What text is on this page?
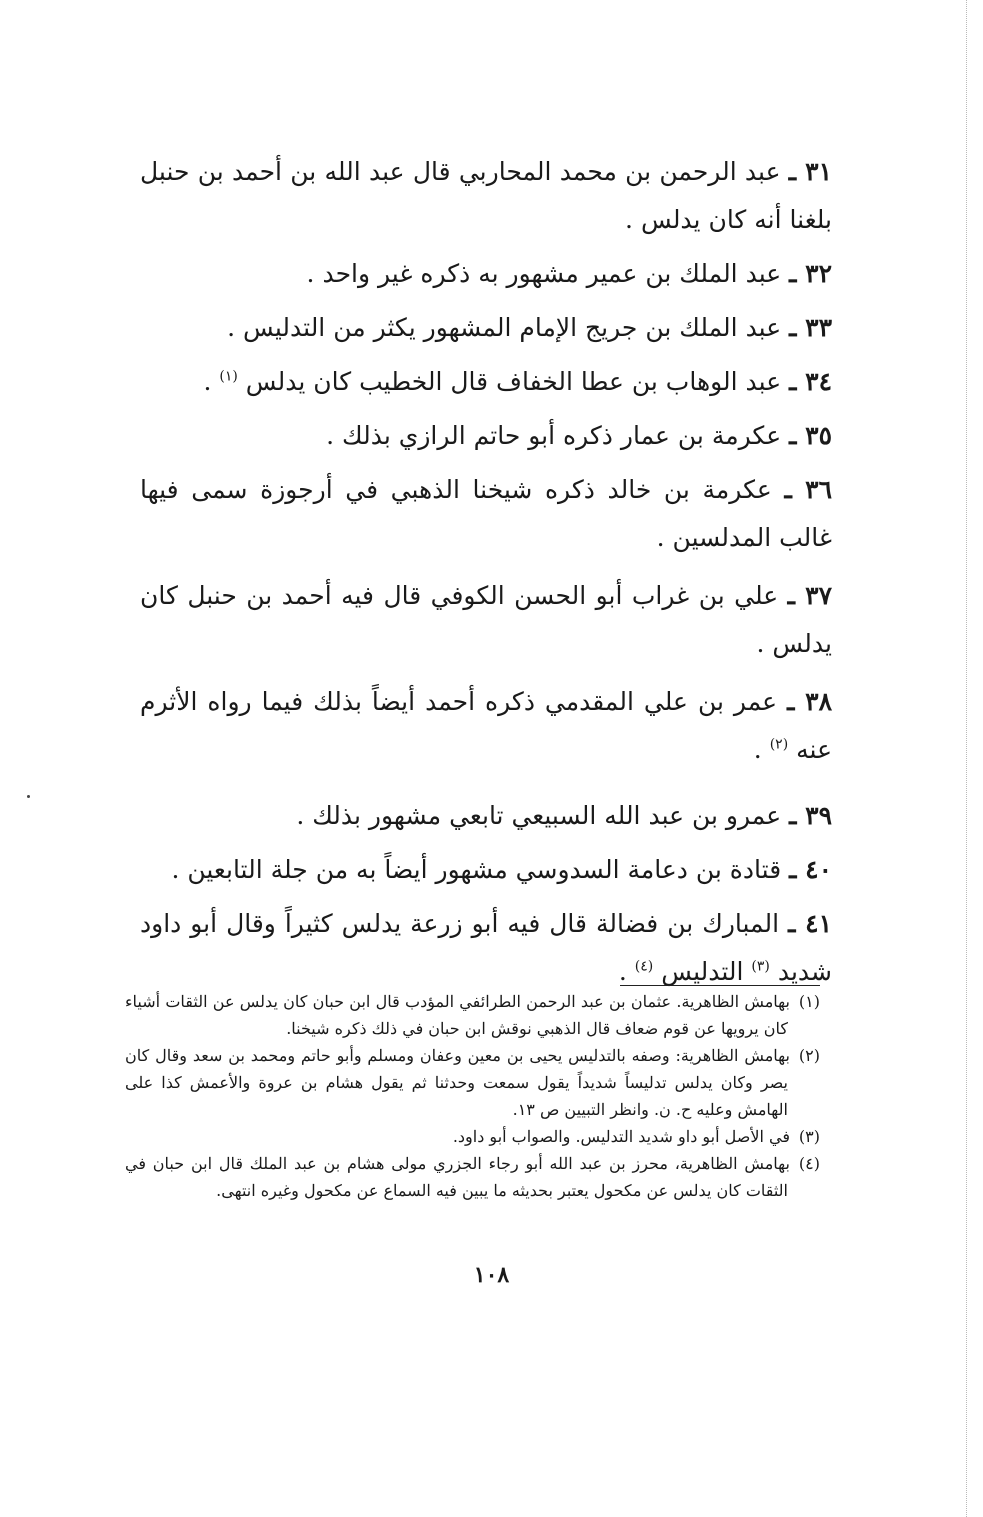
٣١ ـ عبد الرحمن بن محمد المحاربي قال عبد الله بن أحمد بن حنبل بلغنا أنه كان يدلس .

٣٢ ـ عبد الملك بن عمير مشهور به ذكره غير واحد .

٣٣ ـ عبد الملك بن جريج الإمام المشهور يكثر من التدليس .

٣٤ ـ عبد الوهاب بن عطا الخفاف قال الخطيب كان يدلس $^{(١)}$ .

٣٥ ـ عكرمة بن عمار ذكره أبو حاتم الرازي بذلك .

٣٦ ـ عكرمة بن خالد ذكره شيخنا الذهبي في أرجوزة سمى فيها غالب المدلسين .

٣٧ ـ علي بن غراب أبو الحسن الكوفي قال فيه أحمد بن حنبل كان يدلس .

٣٨ ـ عمر بن علي المقدمي ذكره أحمد أيضاً بذلك فيما رواه الأثرم عنه $^{(٢)}$ .

٣٩ ـ عمرو بن عبد الله السبيعي تابعي مشهور بذلك .

٤٠ ـ قتادة بن دعامة السدوسي مشهور أيضاً به من جلة التابعين .

٤١ ـ المبارك بن فضالة قال فيه أبو زرعة يدلس كثيراً وقال أبو داود شديد $^{(٣)}$ التدليس $^{(٤)}$ .

(١)بهامش الظاهرية. عثمان بن عبد الرحمن الطرائفي المؤدب قال ابن حبان كان يدلس عن الثقات أشياء كان يرويها عن قوم ضعاف قال الذهبي نوقش ابن حبان في ذلك ذكره شيخنا.

(٢)بهامش الظاهرية: وصفه بالتدليس يحيى بن معين وعفان ومسلم وأبو حاتم ومحمد بن سعد وقال كان يصر وكان يدلس تدليساً شديداً يقول سمعت وحدثنا ثم يقول هشام بن عروة والأعمش كذا على الهامش وعليه ح. ن. وانظر التبيين ص ١٣.

(٣)في الأصل أبو داو شديد التدليس. والصواب أبو داود.

(٤)بهامش الظاهرية، محرز بن عبد الله أبو رجاء الجزري مولى هشام بن عبد الملك قال ابن حبان في الثقات كان يدلس عن مكحول يعتبر بحديثه ما يبين فيه السماع عن مكحول وغيره انتهى.

١٠٨
